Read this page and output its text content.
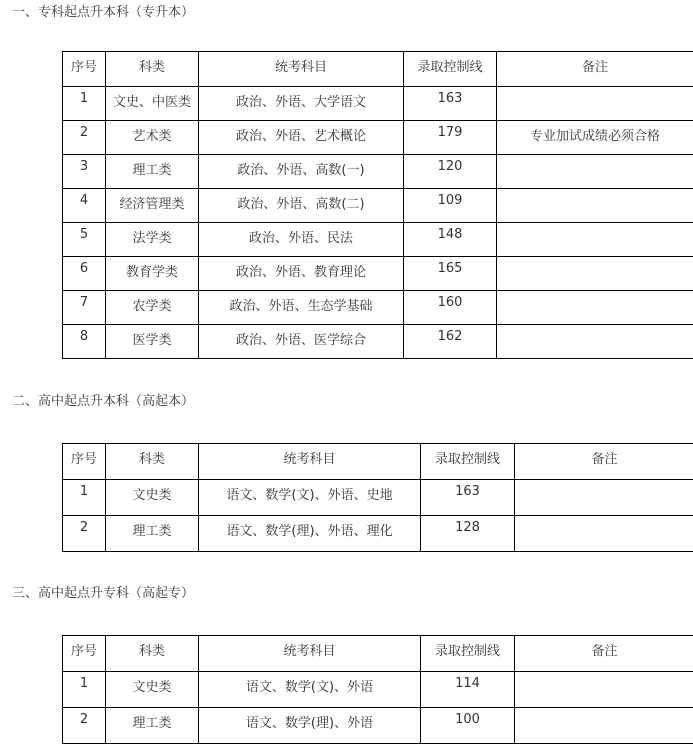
一、专科起点升本科（专升本）
序号	科类	统考科目	录取控制线	备注
1	文史、中医类	政治、外语、大学语文	163	
2	艺术类	政治、外语、艺术概论	179	专业加试成绩必须合格
3	理工类	政治、外语、高数(一)	120	
4	经济管理类	政治、外语、高数(二)	109	
5	法学类	政治、外语、民法	148	
6	教育学类	政治、外语、教育理论	165	
7	农学类	政治、外语、生态学基础	160	
8	医学类	政治、外语、医学综合	162	
二、高中起点升本科（高起本）
序号	科类	统考科目	录取控制线	备注
1	文史类	语文、数学(文)、外语、史地	163	
2	理工类	语文、数学(理)、外语、理化	128	
三、高中起点升专科（高起专）
序号	科类	统考科目	录取控制线	备注
1	文史类	语文、数学(文)、外语	114	
2	理工类	语文、数学(理)、外语	100	
